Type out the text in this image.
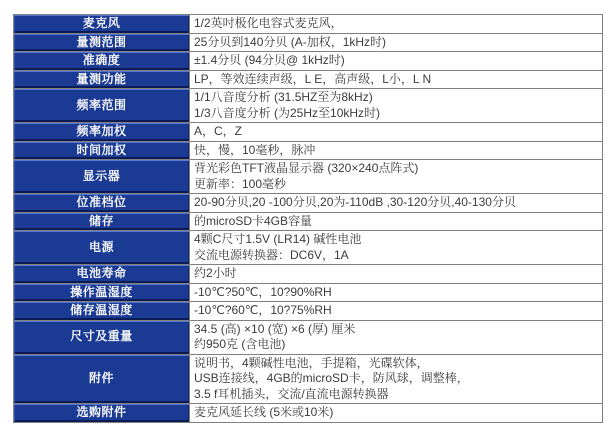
麦克风	1/2英吋极化电容式麦克风，

量测范围	25分贝到140分贝 (A-加权，1kHz时)

准确度	±1.4分贝 (94分贝@ 1kHz时)

量测功能	LP，等效连续声级，L E，高声级，L小，L N

频率范围	1/1八音度分析 (31.5HZ至为8kHz)
1/3八音度分析 (为25Hz至10kHz时)

频率加权	A，C，Z

时间加权	快，慢，10毫秒，脉冲

显示器	背光彩色TFT液晶显示器 (320×240点阵式)
更新率：100毫秒

位准档位	20-90分贝,20 -100分贝,20为-110dB ,30-120分贝,40-130分贝

储存	的microSD卡4GB容量

电源	4颗C尺寸1.5V (LR14) 碱性电池
交流电源转换器：DC6V，1A

电池寿命	约2小时

操作温湿度	-10℃?50℃，10?90%RH

储存温湿度	-10℃?60℃，10?75%RH

尺寸及重量	34.5 (高) ×10 (宽) ×6 (厚) 厘米
约950克 (含电池)

附件	说明书，4颗碱性电池，手提箱，光碟软体，
USB连接线，4GB的microSD卡，防风球，调整棒，
3.5 f耳机插头，交流/直流电源转换器

选购附件	麦克风延长线 (5米或10米)
